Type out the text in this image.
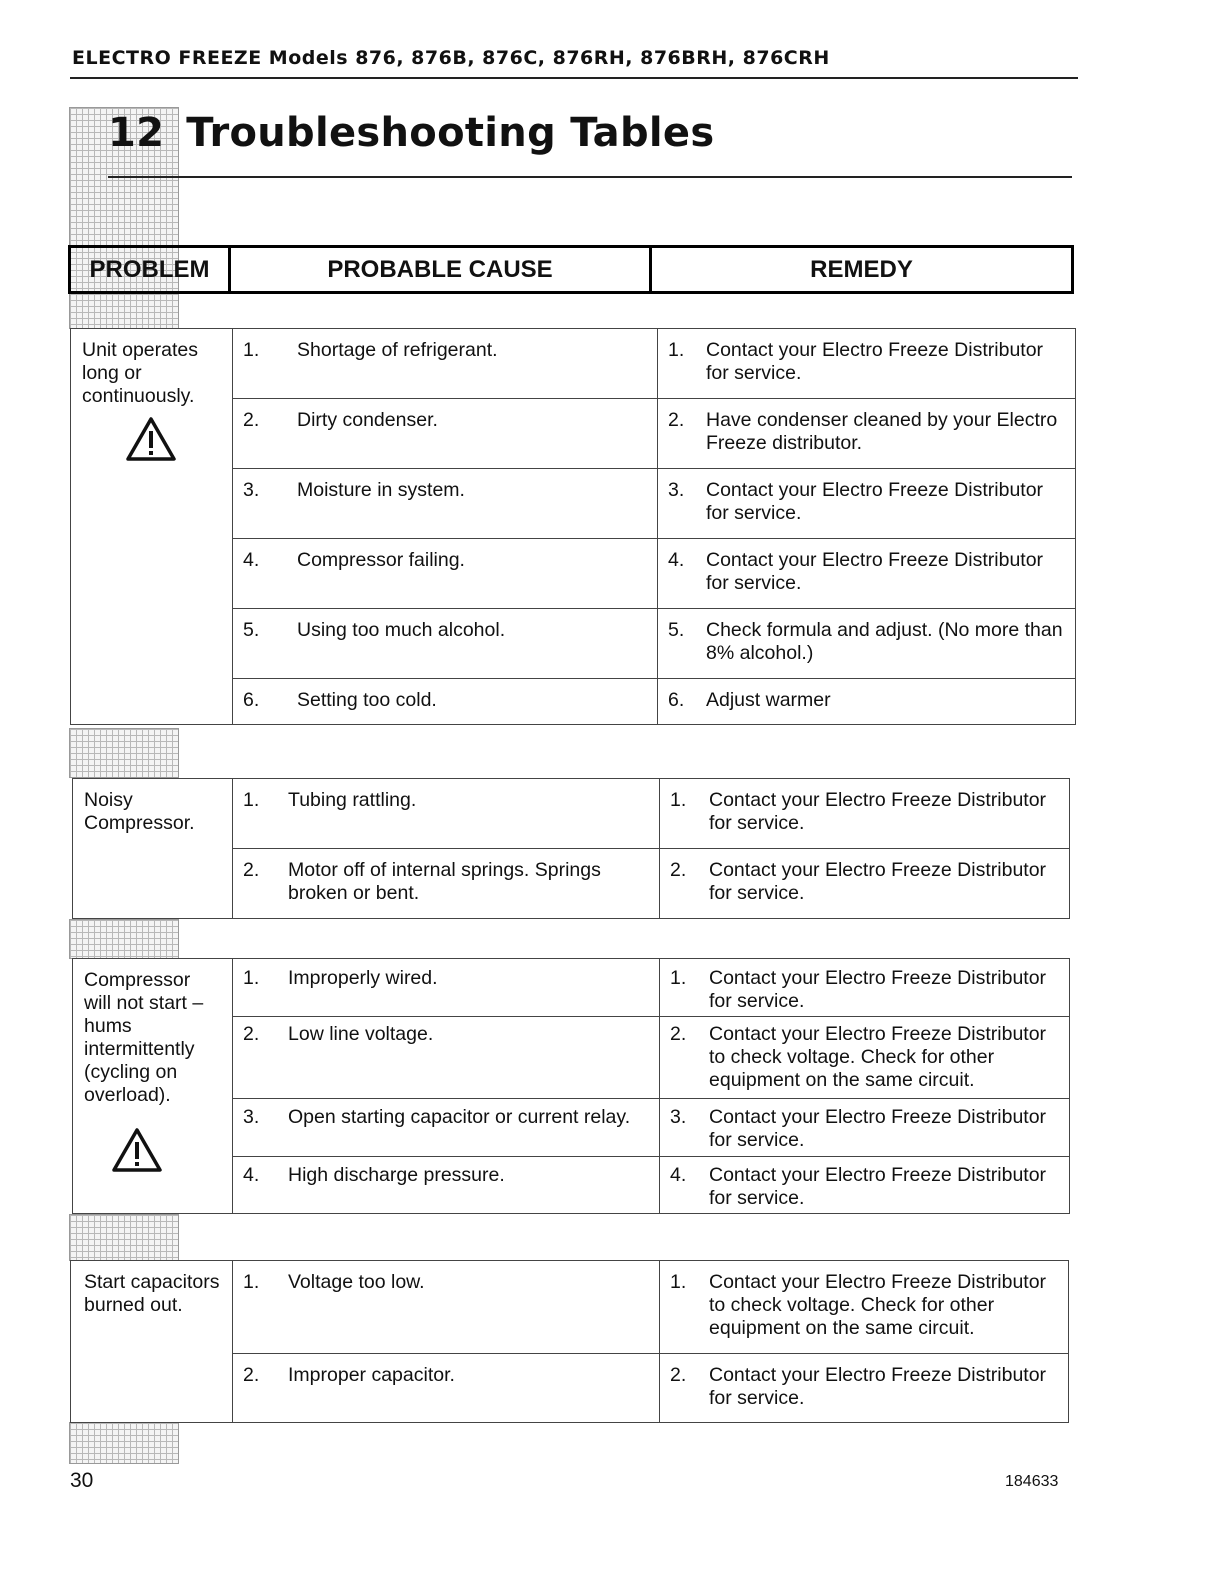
ELECTRO FREEZE Models 876, 876B, 876C, 876RH, 876BRH, 876CRH
12 Troubleshooting Tables
PROBLEM	PROBABLE CAUSE	REMEDY
Unit operates long or continuously.	1. Shortage of refrigerant.	1. Contact your Electro Freeze Distributor for service.

	2. Dirty condenser.	2. Have condenser cleaned by your Electro Freeze distributor.

	3. Moisture in system.	3. Contact your Electro Freeze Distributor for service.

	4. Compressor failing.	4. Contact your Electro Freeze Distributor for service.

	5. Using too much alcohol.	5. Check formula and adjust. (No more than 8% alcohol.)

	6. Setting too cold.	6. Adjust warmer
Noisy Compressor.	1. Tubing rattling.	1. Contact your Electro Freeze Distributor for service.

	2. Motor off of internal springs. Springs broken or bent.	2. Contact your Electro Freeze Distributor for service.
Compressor will not start – hums intermittently (cycling on overload).	1. Improperly wired.	1. Contact your Electro Freeze Distributor for service.

	2. Low line voltage.	2. Contact your Electro Freeze Distributor to check voltage. Check for other equipment on the same circuit.

	3. Open starting capacitor or current relay.	3. Contact your Electro Freeze Distributor for service.

	4. High discharge pressure.	4. Contact your Electro Freeze Distributor for service.
Start capacitors burned out.	1. Voltage too low.	1. Contact your Electro Freeze Distributor to check voltage. Check for other equipment on the same circuit.

	2. Improper capacitor.	2. Contact your Electro Freeze Distributor for service.
30	184633
